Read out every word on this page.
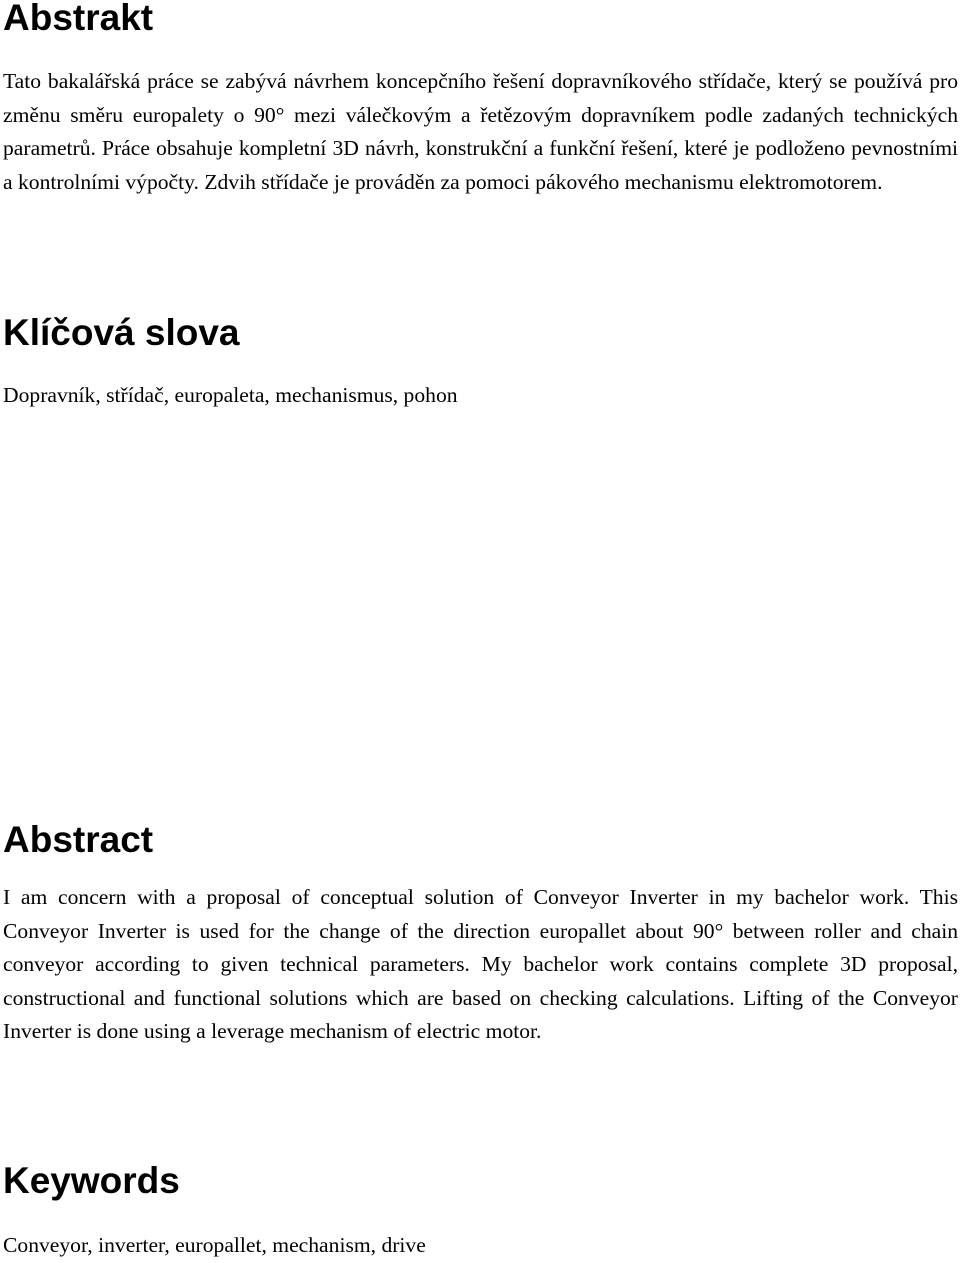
Abstrakt

Tato bakalářská práce se zabývá návrhem koncepčního řešení dopravníkového střídače, který se používá pro změnu směru europalety o 90° mezi válečkovým a řetězovým dopravníkem podle zadaných technických parametrů. Práce obsahuje kompletní 3D návrh, konstrukční a funkční řešení, které je podloženo pevnostními a kontrolními výpočty. Zdvih střídače je prováděn za pomoci pákového mechanismu elektromotorem.

Klíčová slova

Dopravník, střídač, europaleta, mechanismus, pohon

Abstract

I am concern with a proposal of conceptual solution of Conveyor Inverter in my bachelor work. This Conveyor Inverter is used for the change of the direction europallet about 90° between roller and chain conveyor according to given technical parameters. My bachelor work contains complete 3D proposal, constructional and functional solutions which are based on checking calculations. Lifting of the Conveyor Inverter is done using a leverage mechanism of electric motor.

Keywords

Conveyor, inverter, europallet, mechanism, drive
